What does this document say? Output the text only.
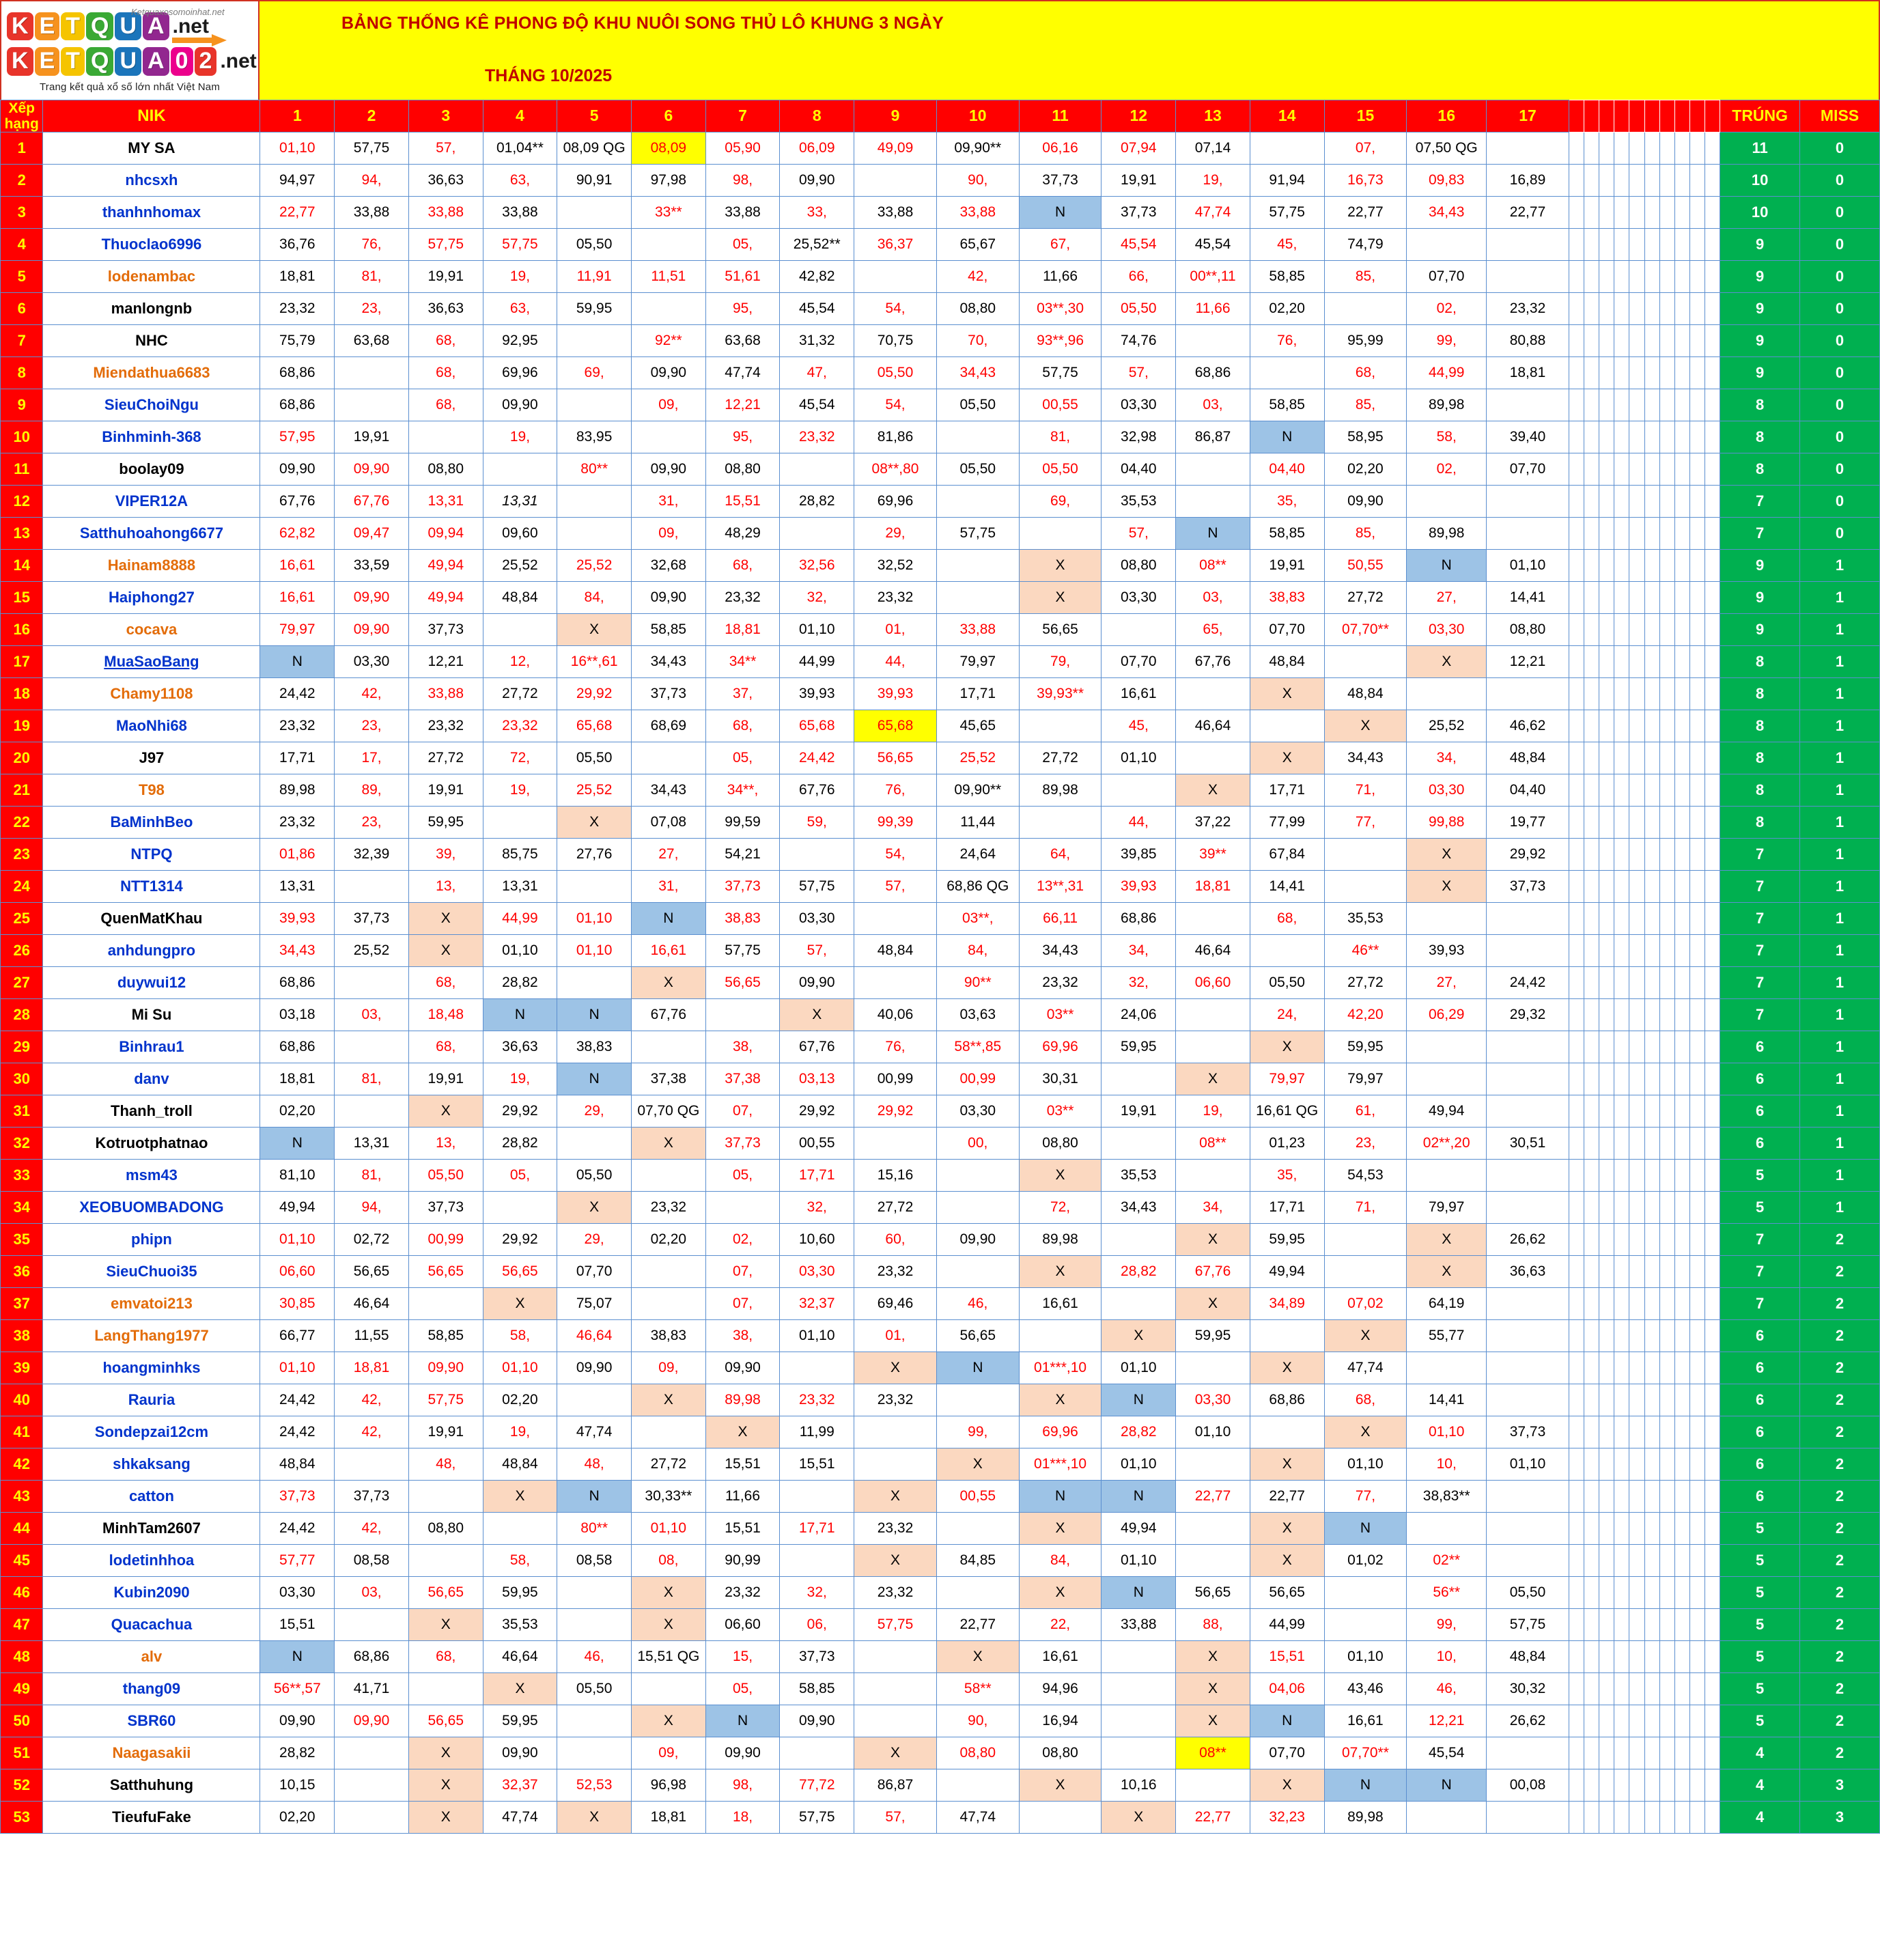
Ketquaxosomoinhat.net
K E T Q U A .net
K E T Q U A 0 2 .net
Trang kết quả xổ số lớn nhất Việt Nam
BẢNG THỐNG KÊ PHONG ĐỘ KHU NUÔI SONG THỦ LÔ KHUNG 3 NGÀY
THÁNG 10/2025
Xếp
hạng	NIK	1	2	3	4	5	6	7	8	9	10	11	12	13	14	15	16	17											TRÚNG	MISS
1	MY SA	01,10	57,75	57,	01,04**	08,09 QG	08,09	05,90	06,09	49,09	09,90**	06,16	07,94	07,14		07,	07,50 QG												11	0
2	nhcsxh	94,97	94,	36,63	63,	90,91	97,98	98,	09,90		90,	37,73	19,91	19,	91,94	16,73	09,83	16,89											10	0
3	thanhnhomax	22,77	33,88	33,88	33,88		33**	33,88	33,	33,88	33,88	N	37,73	47,74	57,75	22,77	34,43	22,77											10	0
4	Thuoclao6996	36,76	76,	57,75	57,75	05,50		05,	25,52**	36,37	65,67	67,	45,54	45,54	45,	74,79													9	0
5	lodenambac	18,81	81,	19,91	19,	11,91	11,51	51,61	42,82		42,	11,66	66,	00**,11	58,85	85,	07,70												9	0
6	manlongnb	23,32	23,	36,63	63,	59,95		95,	45,54	54,	08,80	03**,30	05,50	11,66	02,20		02,	23,32											9	0
7	NHC	75,79	63,68	68,	92,95		92**	63,68	31,32	70,75	70,	93**,96	74,76		76,	95,99	99,	80,88											9	0
8	Miendathua6683	68,86		68,	69,96	69,	09,90	47,74	47,	05,50	34,43	57,75	57,	68,86		68,	44,99	18,81											9	0
9	SieuChoiNgu	68,86		68,	09,90		09,	12,21	45,54	54,	05,50	00,55	03,30	03,	58,85	85,	89,98												8	0
10	Binhminh-368	57,95	19,91		19,	83,95		95,	23,32	81,86		81,	32,98	86,87	N	58,95	58,	39,40											8	0
11	boolay09	09,90	09,90	08,80		80**	09,90	08,80		08**,80	05,50	05,50	04,40		04,40	02,20	02,	07,70											8	0
12	VIPER12A	67,76	67,76	13,31	13,31		31,	15,51	28,82	69,96		69,	35,53		35,	09,90													7	0
13	Satthuhoahong6677	62,82	09,47	09,94	09,60		09,	48,29		29,	57,75		57,	N	58,85	85,	89,98												7	0
14	Hainam8888	16,61	33,59	49,94	25,52	25,52	32,68	68,	32,56	32,52		X	08,80	08**	19,91	50,55	N	01,10											9	1
15	Haiphong27	16,61	09,90	49,94	48,84	84,	09,90	23,32	32,	23,32		X	03,30	03,	38,83	27,72	27,	14,41											9	1
16	cocava	79,97	09,90	37,73		X	58,85	18,81	01,10	01,	33,88	56,65		65,	07,70	07,70**	03,30	08,80											9	1
17	MuaSaoBang	N	03,30	12,21	12,	16**,61	34,43	34**	44,99	44,	79,97	79,	07,70	67,76	48,84		X	12,21											8	1
18	Chamy1108	24,42	42,	33,88	27,72	29,92	37,73	37,	39,93	39,93	17,71	39,93**	16,61		X	48,84													8	1
19	MaoNhi68	23,32	23,	23,32	23,32	65,68	68,69	68,	65,68	65,68	45,65		45,	46,64		X	25,52	46,62											8	1
20	J97	17,71	17,	27,72	72,	05,50		05,	24,42	56,65	25,52	27,72	01,10		X	34,43	34,	48,84											8	1
21	T98	89,98	89,	19,91	19,	25,52	34,43	34**,	67,76	76,	09,90**	89,98		X	17,71	71,	03,30	04,40											8	1
22	BaMinhBeo	23,32	23,	59,95		X	07,08	99,59	59,	99,39	11,44		44,	37,22	77,99	77,	99,88	19,77											8	1
23	NTPQ	01,86	32,39	39,	85,75	27,76	27,	54,21		54,	24,64	64,	39,85	39**	67,84		X	29,92											7	1
24	NTT1314	13,31		13,	13,31		31,	37,73	57,75	57,	68,86 QG	13**,31	39,93	18,81	14,41		X	37,73											7	1
25	QuenMatKhau	39,93	37,73	X	44,99	01,10	N	38,83	03,30		03**,	66,11	68,86		68,	35,53													7	1
26	anhdungpro	34,43	25,52	X	01,10	01,10	16,61	57,75	57,	48,84	84,	34,43	34,	46,64		46**	39,93												7	1
27	duywui12	68,86		68,	28,82		X	56,65	09,90		90**	23,32	32,	06,60	05,50	27,72	27,	24,42											7	1
28	Mi Su	03,18	03,	18,48	N	N	67,76		X	40,06	03,63	03**	24,06		24,	42,20	06,29	29,32											7	1
29	Binhrau1	68,86		68,	36,63	38,83		38,	67,76	76,	58**,85	69,96	59,95		X	59,95													6	1
30	danv	18,81	81,	19,91	19,	N	37,38	37,38	03,13	00,99	00,99	30,31		X	79,97	79,97													6	1
31	Thanh_troll	02,20		X	29,92	29,	07,70 QG	07,	29,92	29,92	03,30	03**	19,91	19,	16,61 QG	61,	49,94												6	1
32	Kotruotphatnao	N	13,31	13,	28,82		X	37,73	00,55		00,	08,80		08**	01,23	23,	02**,20	30,51											6	1
33	msm43	81,10	81,	05,50	05,	05,50		05,	17,71	15,16		X	35,53		35,	54,53													5	1
34	XEOBUOMBADONG	49,94	94,	37,73		X	23,32		32,	27,72		72,	34,43	34,	17,71	71,	79,97												5	1
35	phipn	01,10	02,72	00,99	29,92	29,	02,20	02,	10,60	60,	09,90	89,98		X	59,95		X	26,62											7	2
36	SieuChuoi35	06,60	56,65	56,65	56,65	07,70		07,	03,30	23,32		X	28,82	67,76	49,94		X	36,63											7	2
37	emvatoi213	30,85	46,64		X	75,07		07,	32,37	69,46	46,	16,61		X	34,89	07,02	64,19												7	2
38	LangThang1977	66,77	11,55	58,85	58,	46,64	38,83	38,	01,10	01,	56,65		X	59,95		X	55,77												6	2
39	hoangminhks	01,10	18,81	09,90	01,10	09,90	09,	09,90		X	N	01***,10	01,10		X	47,74													6	2
40	Rauria	24,42	42,	57,75	02,20		X	89,98	23,32	23,32		X	N	03,30	68,86	68,	14,41												6	2
41	Sondepzai12cm	24,42	42,	19,91	19,	47,74		X	11,99		99,	69,96	28,82	01,10		X	01,10	37,73											6	2
42	shkaksang	48,84		48,	48,84	48,	27,72	15,51	15,51		X	01***,10	01,10		X	01,10	10,	01,10											6	2
43	catton	37,73	37,73		X	N	30,33**	11,66		X	00,55	N	N	22,77	22,77	77,	38,83**												6	2
44	MinhTam2607	24,42	42,	08,80		80**	01,10	15,51	17,71	23,32		X	49,94		X	N													5	2
45	lodetinhhoa	57,77	08,58		58,	08,58	08,	90,99		X	84,85	84,	01,10		X	01,02	02**												5	2
46	Kubin2090	03,30	03,	56,65	59,95		X	23,32	32,	23,32		X	N	56,65	56,65		56**	05,50											5	2
47	Quacachua	15,51		X	35,53		X	06,60	06,	57,75	22,77	22,	33,88	88,	44,99		99,	57,75											5	2
48	alv	N	68,86	68,	46,64	46,	15,51 QG	15,	37,73		X	16,61		X	15,51	01,10	10,	48,84											5	2
49	thang09	56**,57	41,71		X	05,50		05,	58,85		58**	94,96		X	04,06	43,46	46,	30,32											5	2
50	SBR60	09,90	09,90	56,65	59,95		X	N	09,90		90,	16,94		X	N	16,61	12,21	26,62											5	2
51	Naagasakii	28,82		X	09,90		09,	09,90		X	08,80	08,80		08**	07,70	07,70**	45,54												4	2
52	Satthuhung	10,15		X	32,37	52,53	96,98	98,	77,72	86,87		X	10,16		X	N	N	00,08											4	3
53	TieufuFake	02,20		X	47,74	X	18,81	18,	57,75	57,	47,74		X	22,77	32,23	89,98													4	3
